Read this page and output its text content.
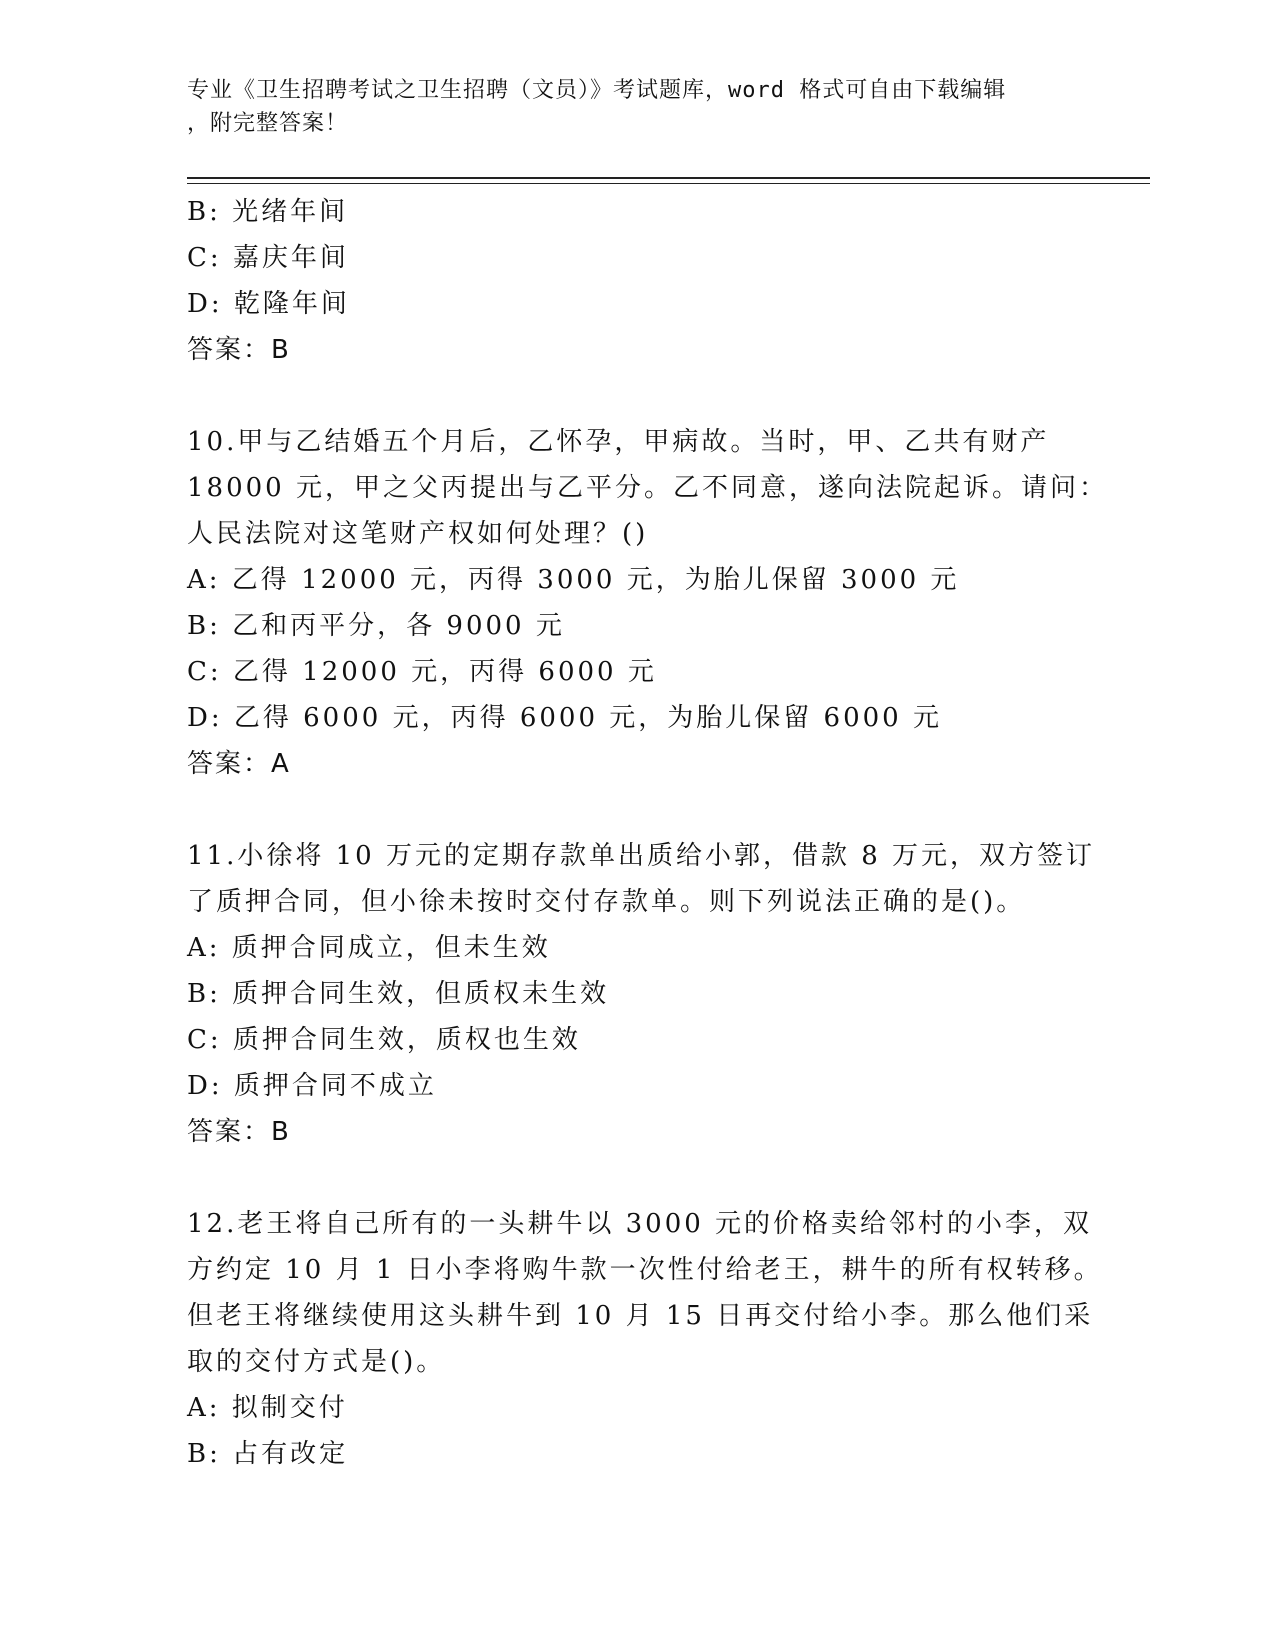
专业《卫生招聘考试之卫生招聘（文员）》考试题库，word 格式可自由下载编辑
，附完整答案！
B: 光绪年间
C: 嘉庆年间
D: 乾隆年间
答案：B
10.甲与乙结婚五个月后，乙怀孕，甲病故。当时，甲、乙共有财产
18000 元，甲之父丙提出与乙平分。乙不同意，遂向法院起诉。请问：
人民法院对这笔财产权如何处理？()
A: 乙得 12000 元，丙得 3000 元，为胎儿保留 3000 元
B: 乙和丙平分，各 9000 元
C: 乙得 12000 元，丙得 6000 元
D: 乙得 6000 元，丙得 6000 元，为胎儿保留 6000 元
答案：A
11.小徐将 10 万元的定期存款单出质给小郭，借款 8 万元，双方签订
了质押合同，但小徐未按时交付存款单。则下列说法正确的是()。
A: 质押合同成立，但未生效
B: 质押合同生效，但质权未生效
C: 质押合同生效，质权也生效
D: 质押合同不成立
答案：B
12.老王将自己所有的一头耕牛以 3000 元的价格卖给邻村的小李，双
方约定 10 月 1 日小李将购牛款一次性付给老王，耕牛的所有权转移。
但老王将继续使用这头耕牛到 10 月 15 日再交付给小李。那么他们采
取的交付方式是()。
A: 拟制交付
B: 占有改定
